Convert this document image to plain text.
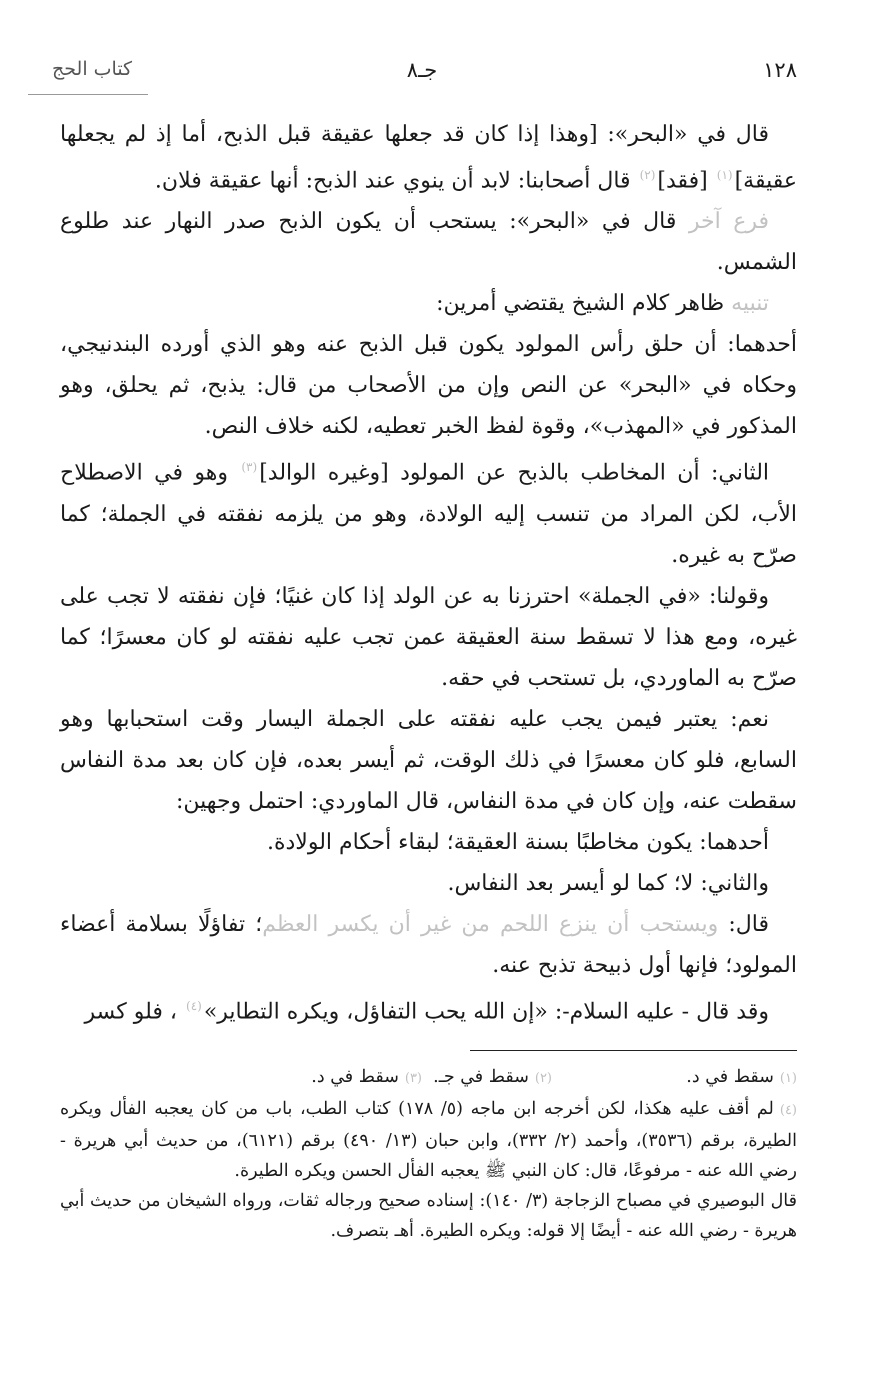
١٢٨
جـ٨
كتاب الحج

قال في «البحر»: [وهذا إذا كان قد جعلها عقيقة قبل الذبح، أما إذ لم يجعلها عقيقة]$^{(١)}$ [فقد]$^{(٢)}$ قال أصحابنا: لابد أن ينوي عند الذبح: أنها عقيقة فلان.

فرع آخر قال في «البحر»: يستحب أن يكون الذبح صدر النهار عند طلوع الشمس.

تنبيه ظاهر كلام الشيخ يقتضي أمرين:

أحدهما: أن حلق رأس المولود يكون قبل الذبح عنه وهو الذي أورده البندنيجي، وحكاه في «البحر» عن النص وإن من الأصحاب من قال: يذبح، ثم يحلق، وهو المذكور في «المهذب»، وقوة لفظ الخبر تعطيه، لكنه خلاف النص.

الثاني: أن المخاطب بالذبح عن المولود [وغيره الوالد]$^{(٣)}$ وهو في الاصطلاح الأب، لكن المراد من تنسب إليه الولادة، وهو من يلزمه نفقته في الجملة؛ كما صرّح به غيره.

وقولنا: «في الجملة» احترزنا به عن الولد إذا كان غنيًا؛ فإن نفقته لا تجب على غيره، ومع هذا لا تسقط سنة العقيقة عمن تجب عليه نفقته لو كان معسرًا؛ كما صرّح به الماوردي، بل تستحب في حقه.

نعم: يعتبر فيمن يجب عليه نفقته على الجملة اليسار وقت استحبابها وهو السابع، فلو كان معسرًا في ذلك الوقت، ثم أيسر بعده، فإن كان بعد مدة النفاس سقطت عنه، وإن كان في مدة النفاس، قال الماوردي: احتمل وجهين:

أحدهما: يكون مخاطبًا بسنة العقيقة؛ لبقاء أحكام الولادة.

والثاني: لا؛ كما لو أيسر بعد النفاس.

قال: ويستحب أن ينزع اللحم من غير أن يكسر العظم؛ تفاؤلًا بسلامة أعضاء المولود؛ فإنها أول ذبيحة تذبح عنه.

وقد قال - عليه السلام-: «إن الله يحب التفاؤل، ويكره التطاير»$^{(٤)}$ ، فلو كسر

(١)سقط في د.
(٢)سقط في جـ.
(٣)سقط في د.
(٤)لم أقف عليه هكذا، لكن أخرجه ابن ماجه (٥/ ١٧٨) كتاب الطب، باب من كان يعجبه الفأل ويكره الطيرة، برقم (٣٥٣٦)، وأحمد (٢/ ٣٣٢)، وابن حبان (١٣/ ٤٩٠) برقم (٦١٢١)، من حديث أبي هريرة - رضي الله عنه - مرفوعًا، قال: كان النبي ﷺ يعجبه الفأل الحسن ويكره الطيرة.
قال البوصيري في مصباح الزجاجة (٣/ ١٤٠): إسناده صحيح ورجاله ثقات، ورواه الشيخان من حديث أبي هريرة - رضي الله عنه - أيضًا إلا قوله: ويكره الطيرة. أهـ بتصرف.
